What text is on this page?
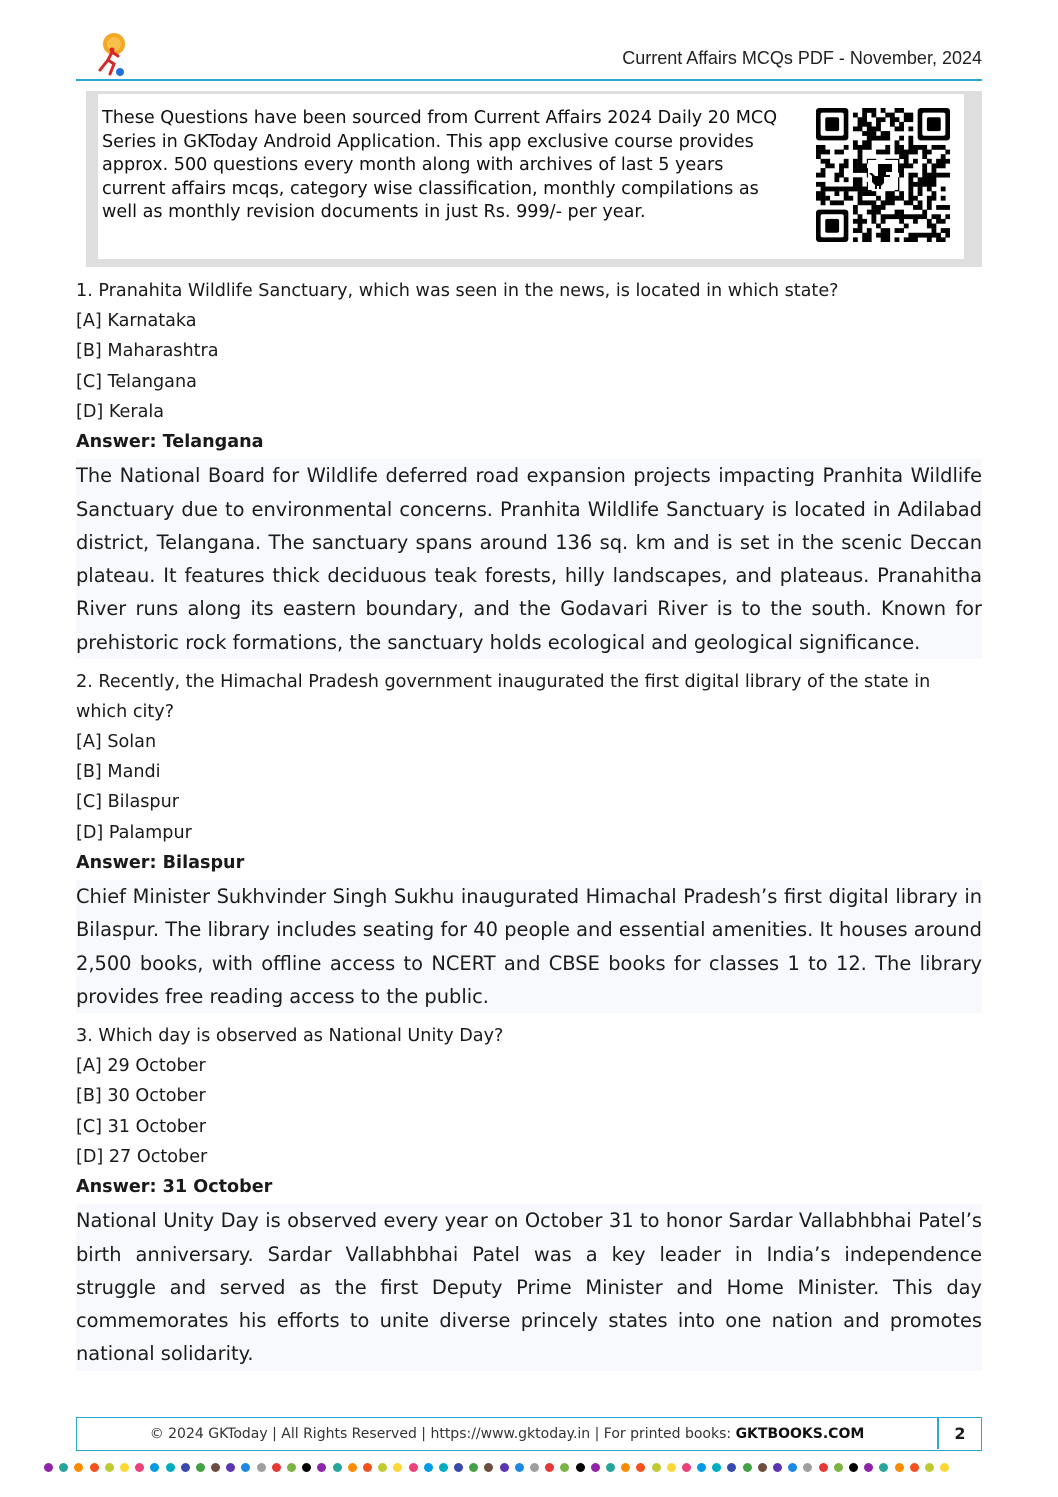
Current Affairs MCQs PDF - November, 2024
These Questions have been sourced from Current Affairs 2024 Daily 20 MCQ Series in GKToday Android Application. This app exclusive course provides approx. 500 questions every month along with archives of last 5 years current affairs mcqs, category wise classification, monthly compilations as well as monthly revision documents in just Rs. 999/- per year.

1. Pranahita Wildlife Sanctuary, which was seen in the news, is located in which state?

[A] Karnataka

[B] Maharashtra

[C] Telangana

[D] Kerala

Answer: Telangana

The National Board for Wildlife deferred road expansion projects impacting Pranhita Wildlife Sanctuary due to environmental concerns. Pranhita Wildlife Sanctuary is located in Adilabad district, Telangana. The sanctuary spans around 136 sq. km and is set in the scenic Deccan plateau. It features thick deciduous teak forests, hilly landscapes, and plateaus. Pranahitha River runs along its eastern boundary, and the Godavari River is to the south. Known for prehistoric rock formations, the sanctuary holds ecological and geological significance.

2. Recently, the Himachal Pradesh government inaugurated the first digital library of the state in which city?

[A] Solan

[B] Mandi

[C] Bilaspur

[D] Palampur

Answer: Bilaspur

Chief Minister Sukhvinder Singh Sukhu inaugurated Himachal Pradesh’s first digital library in Bilaspur. The library includes seating for 40 people and essential amenities. It houses around 2,500 books, with offline access to NCERT and CBSE books for classes 1 to 12. The library provides free reading access to the public.

3. Which day is observed as National Unity Day?

[A] 29 October

[B] 30 October

[C] 31 October

[D] 27 October

Answer: 31 October

National Unity Day is observed every year on October 31 to honor Sardar Vallabhbhai Patel’s birth anniversary. Sardar Vallabhbhai Patel was a key leader in India’s independence struggle and served as the first Deputy Prime Minister and Home Minister. This day commemorates his efforts to unite diverse princely states into one nation and promotes national solidarity.

© 2024 GKToday | All Rights Reserved | https://www.gktoday.in | For printed books: GKTBOOKS.COM	2
